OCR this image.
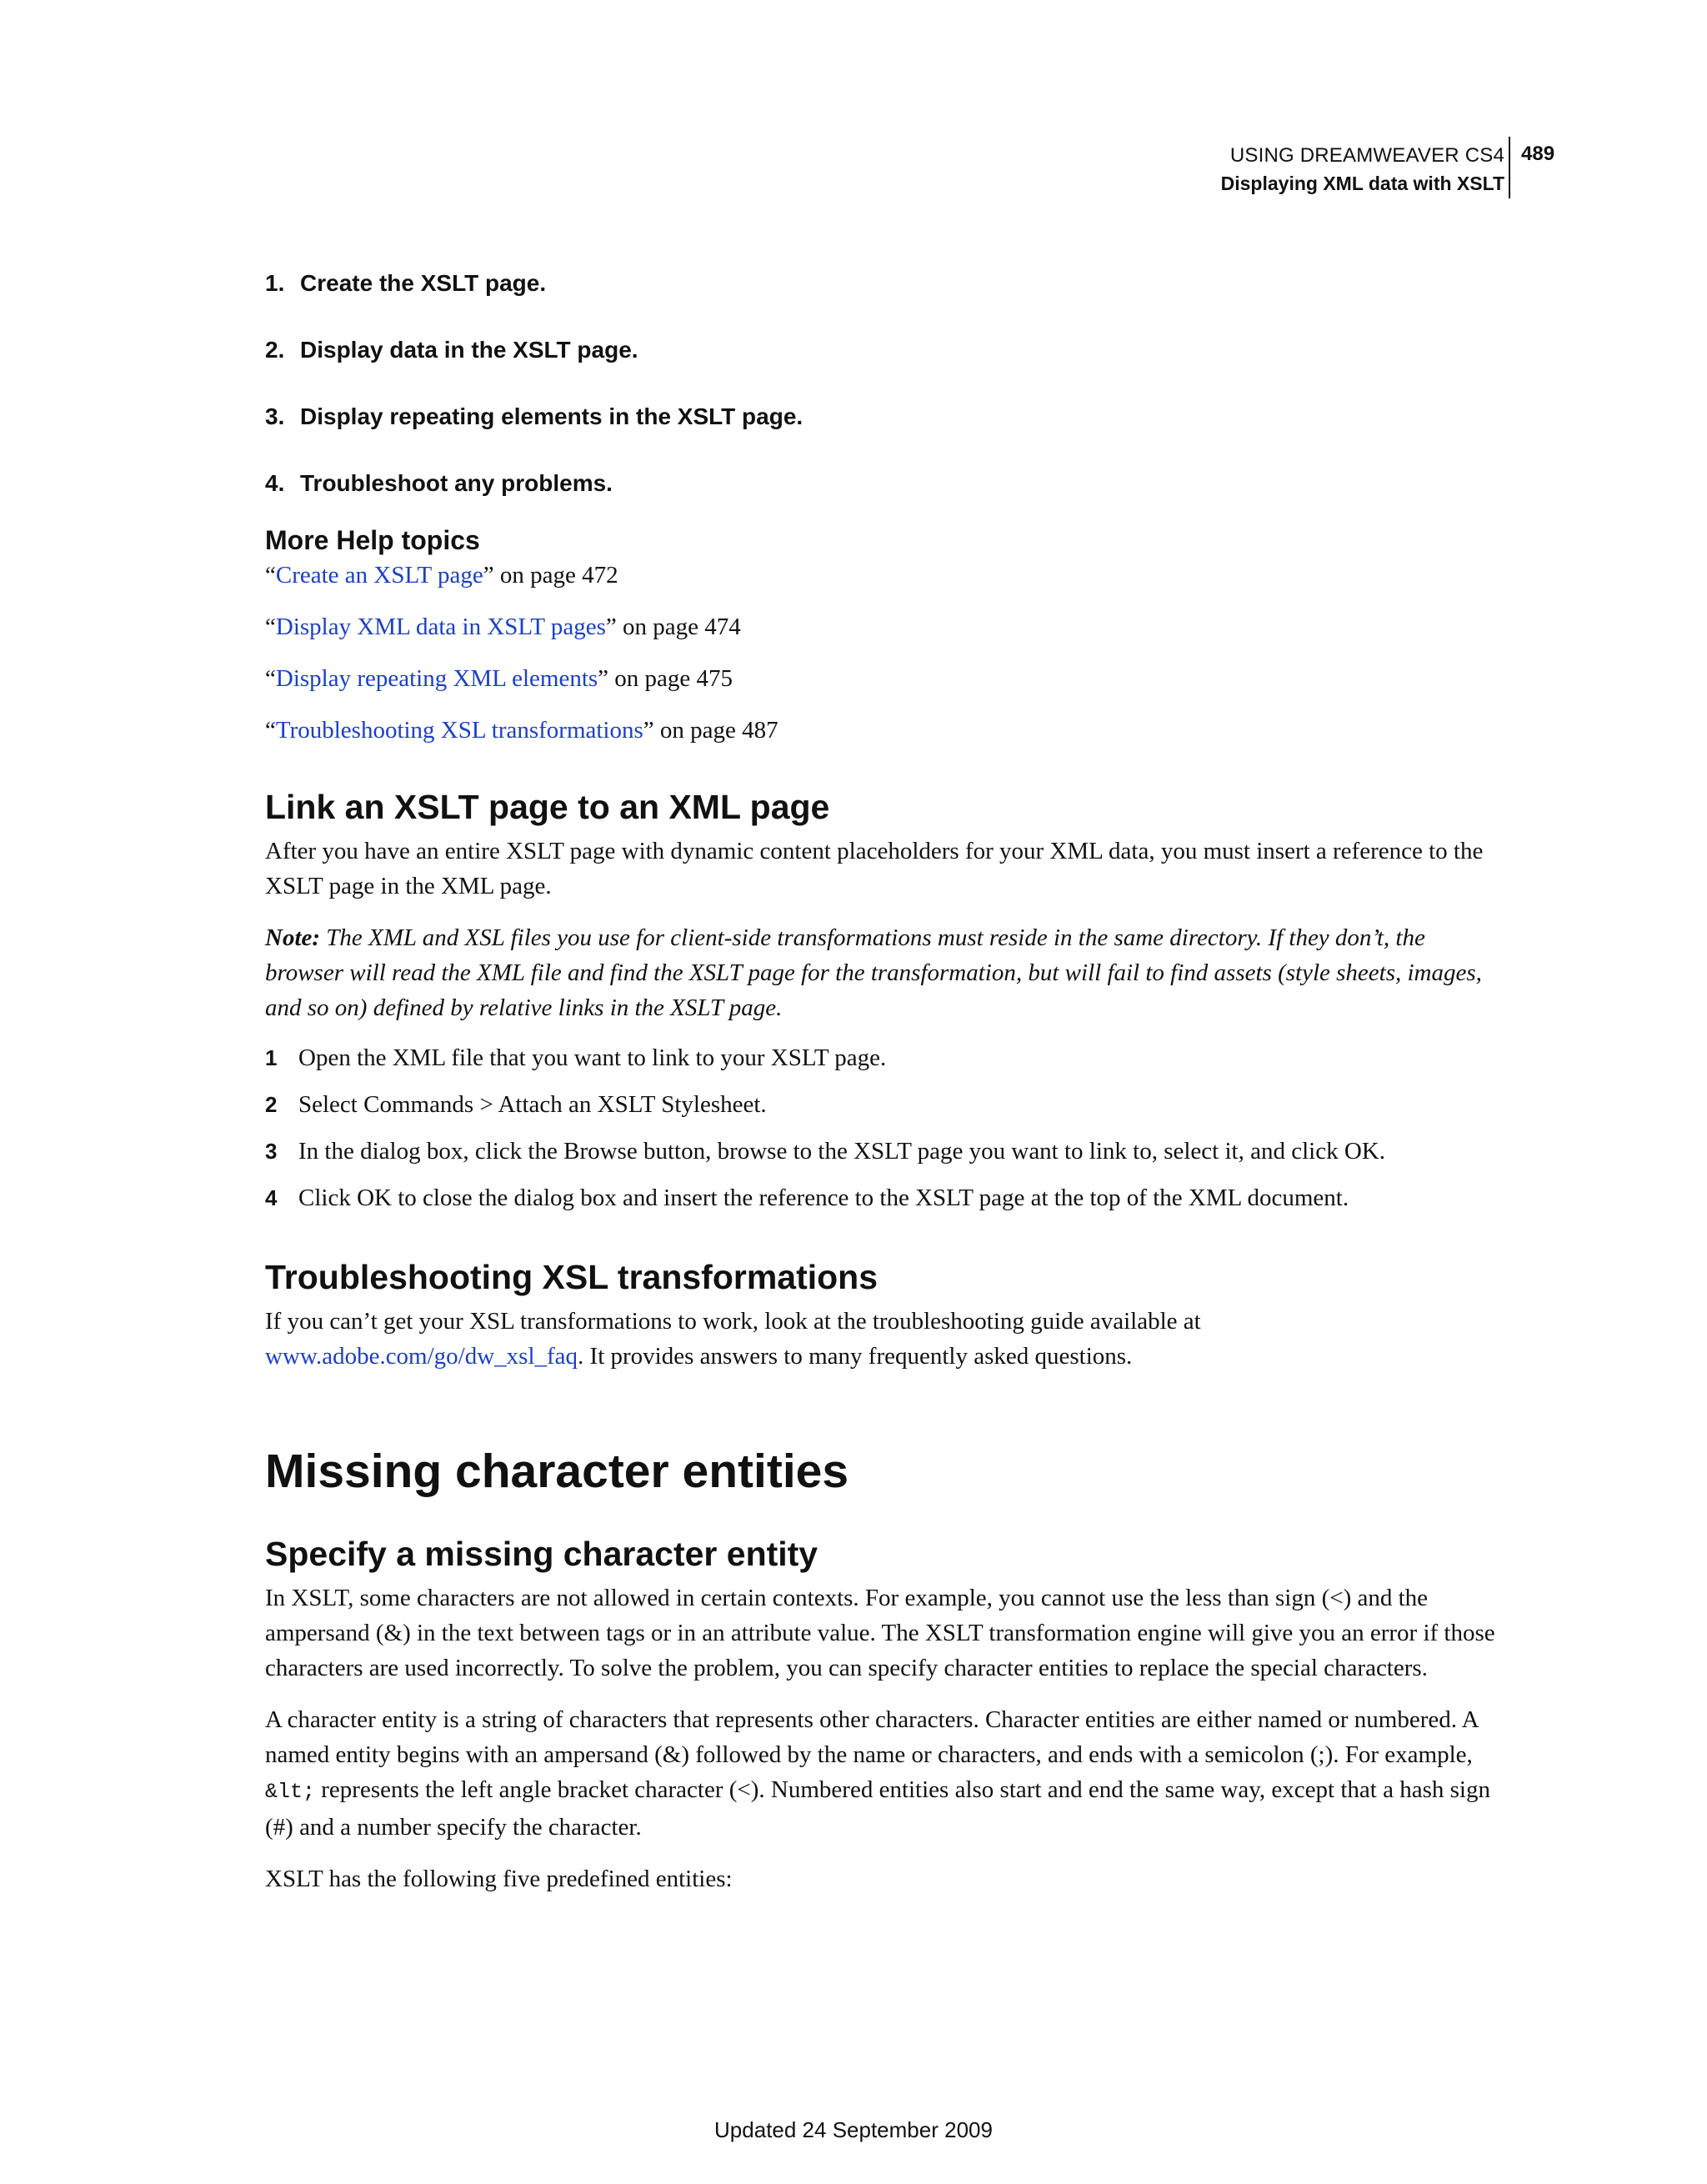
USING DREAMWEAVER CS4
Displaying XML data with XSLT
489
1. Create the XSLT page.
2. Display data in the XSLT page.
3. Display repeating elements in the XSLT page.
4. Troubleshoot any problems.
More Help topics
“Create an XSLT page” on page 472
“Display XML data in XSLT pages” on page 474
“Display repeating XML elements” on page 475
“Troubleshooting XSL transformations” on page 487
Link an XSLT page to an XML page

After you have an entire XSLT page with dynamic content placeholders for your XML data, you must insert a reference to the XSLT page in the XML page.

Note: The XML and XSL files you use for client-side transformations must reside in the same directory. If they don’t, the browser will read the XML file and find the XSLT page for the transformation, but will fail to find assets (style sheets, images, and so on) defined by relative links in the XSLT page.

1 Open the XML file that you want to link to your XSLT page.
2 Select Commands > Attach an XSLT Stylesheet.
3 In the dialog box, click the Browse button, browse to the XSLT page you want to link to, select it, and click OK.
4 Click OK to close the dialog box and insert the reference to the XSLT page at the top of the XML document.
Troubleshooting XSL transformations

If you can’t get your XSL transformations to work, look at the troubleshooting guide available at www.adobe.com/go/dw_xsl_faq. It provides answers to many frequently asked questions.

Missing character entities
Specify a missing character entity

In XSLT, some characters are not allowed in certain contexts. For example, you cannot use the less than sign (<) and the ampersand (&) in the text between tags or in an attribute value. The XSLT transformation engine will give you an error if those characters are used incorrectly. To solve the problem, you can specify character entities to replace the special characters.

A character entity is a string of characters that represents other characters. Character entities are either named or numbered. A named entity begins with an ampersand (&) followed by the name or characters, and ends with a semicolon (;). For example, &lt; represents the left angle bracket character (<). Numbered entities also start and end the same way, except that a hash sign (#) and a number specify the character.

XSLT has the following five predefined entities:

Updated 24 September 2009
